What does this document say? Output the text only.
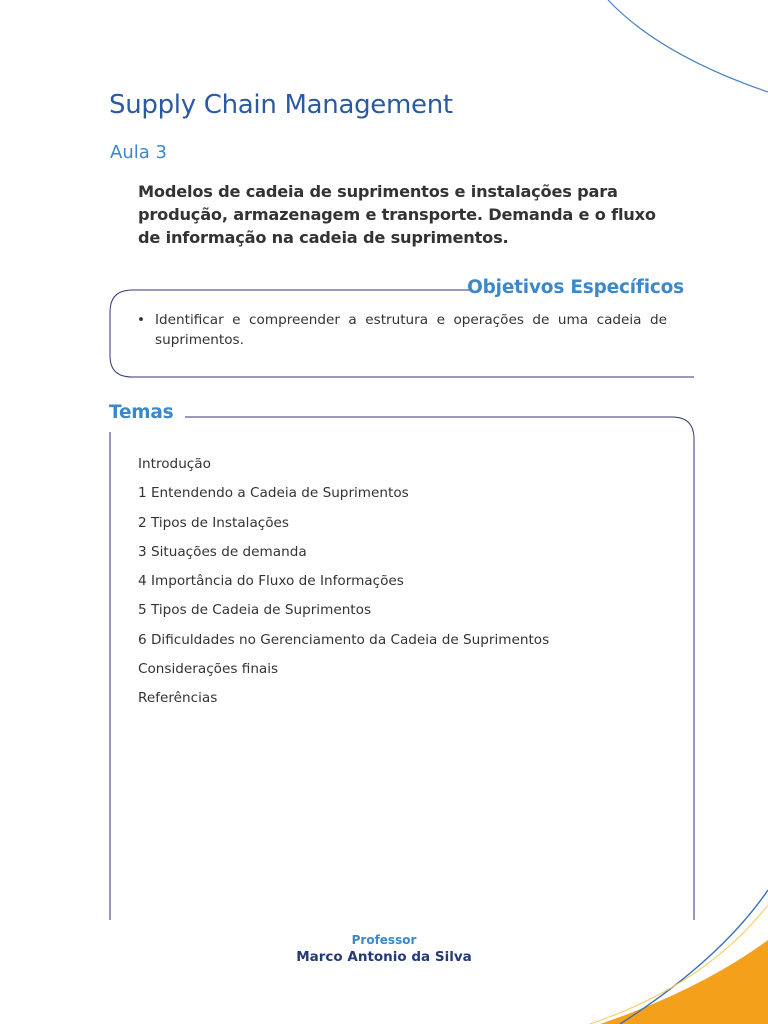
Supply Chain Management
Aula 3

Modelos de cadeia de suprimentos e instalações para produção, armazenagem e transporte. Demanda e o fluxo de informação na cadeia de suprimentos.

Objetivos Específicos
• Identificar e compreender a estrutura e operações de uma cadeia de suprimentos.
Temas
Introdução
1 Entendendo a Cadeia de Suprimentos
2 Tipos de Instalações
3 Situações de demanda
4 Importância do Fluxo de Informações
5 Tipos de Cadeia de Suprimentos
6 Dificuldades no Gerenciamento da Cadeia de Suprimentos
Considerações finais
Referências
Professor
Marco Antonio da Silva
